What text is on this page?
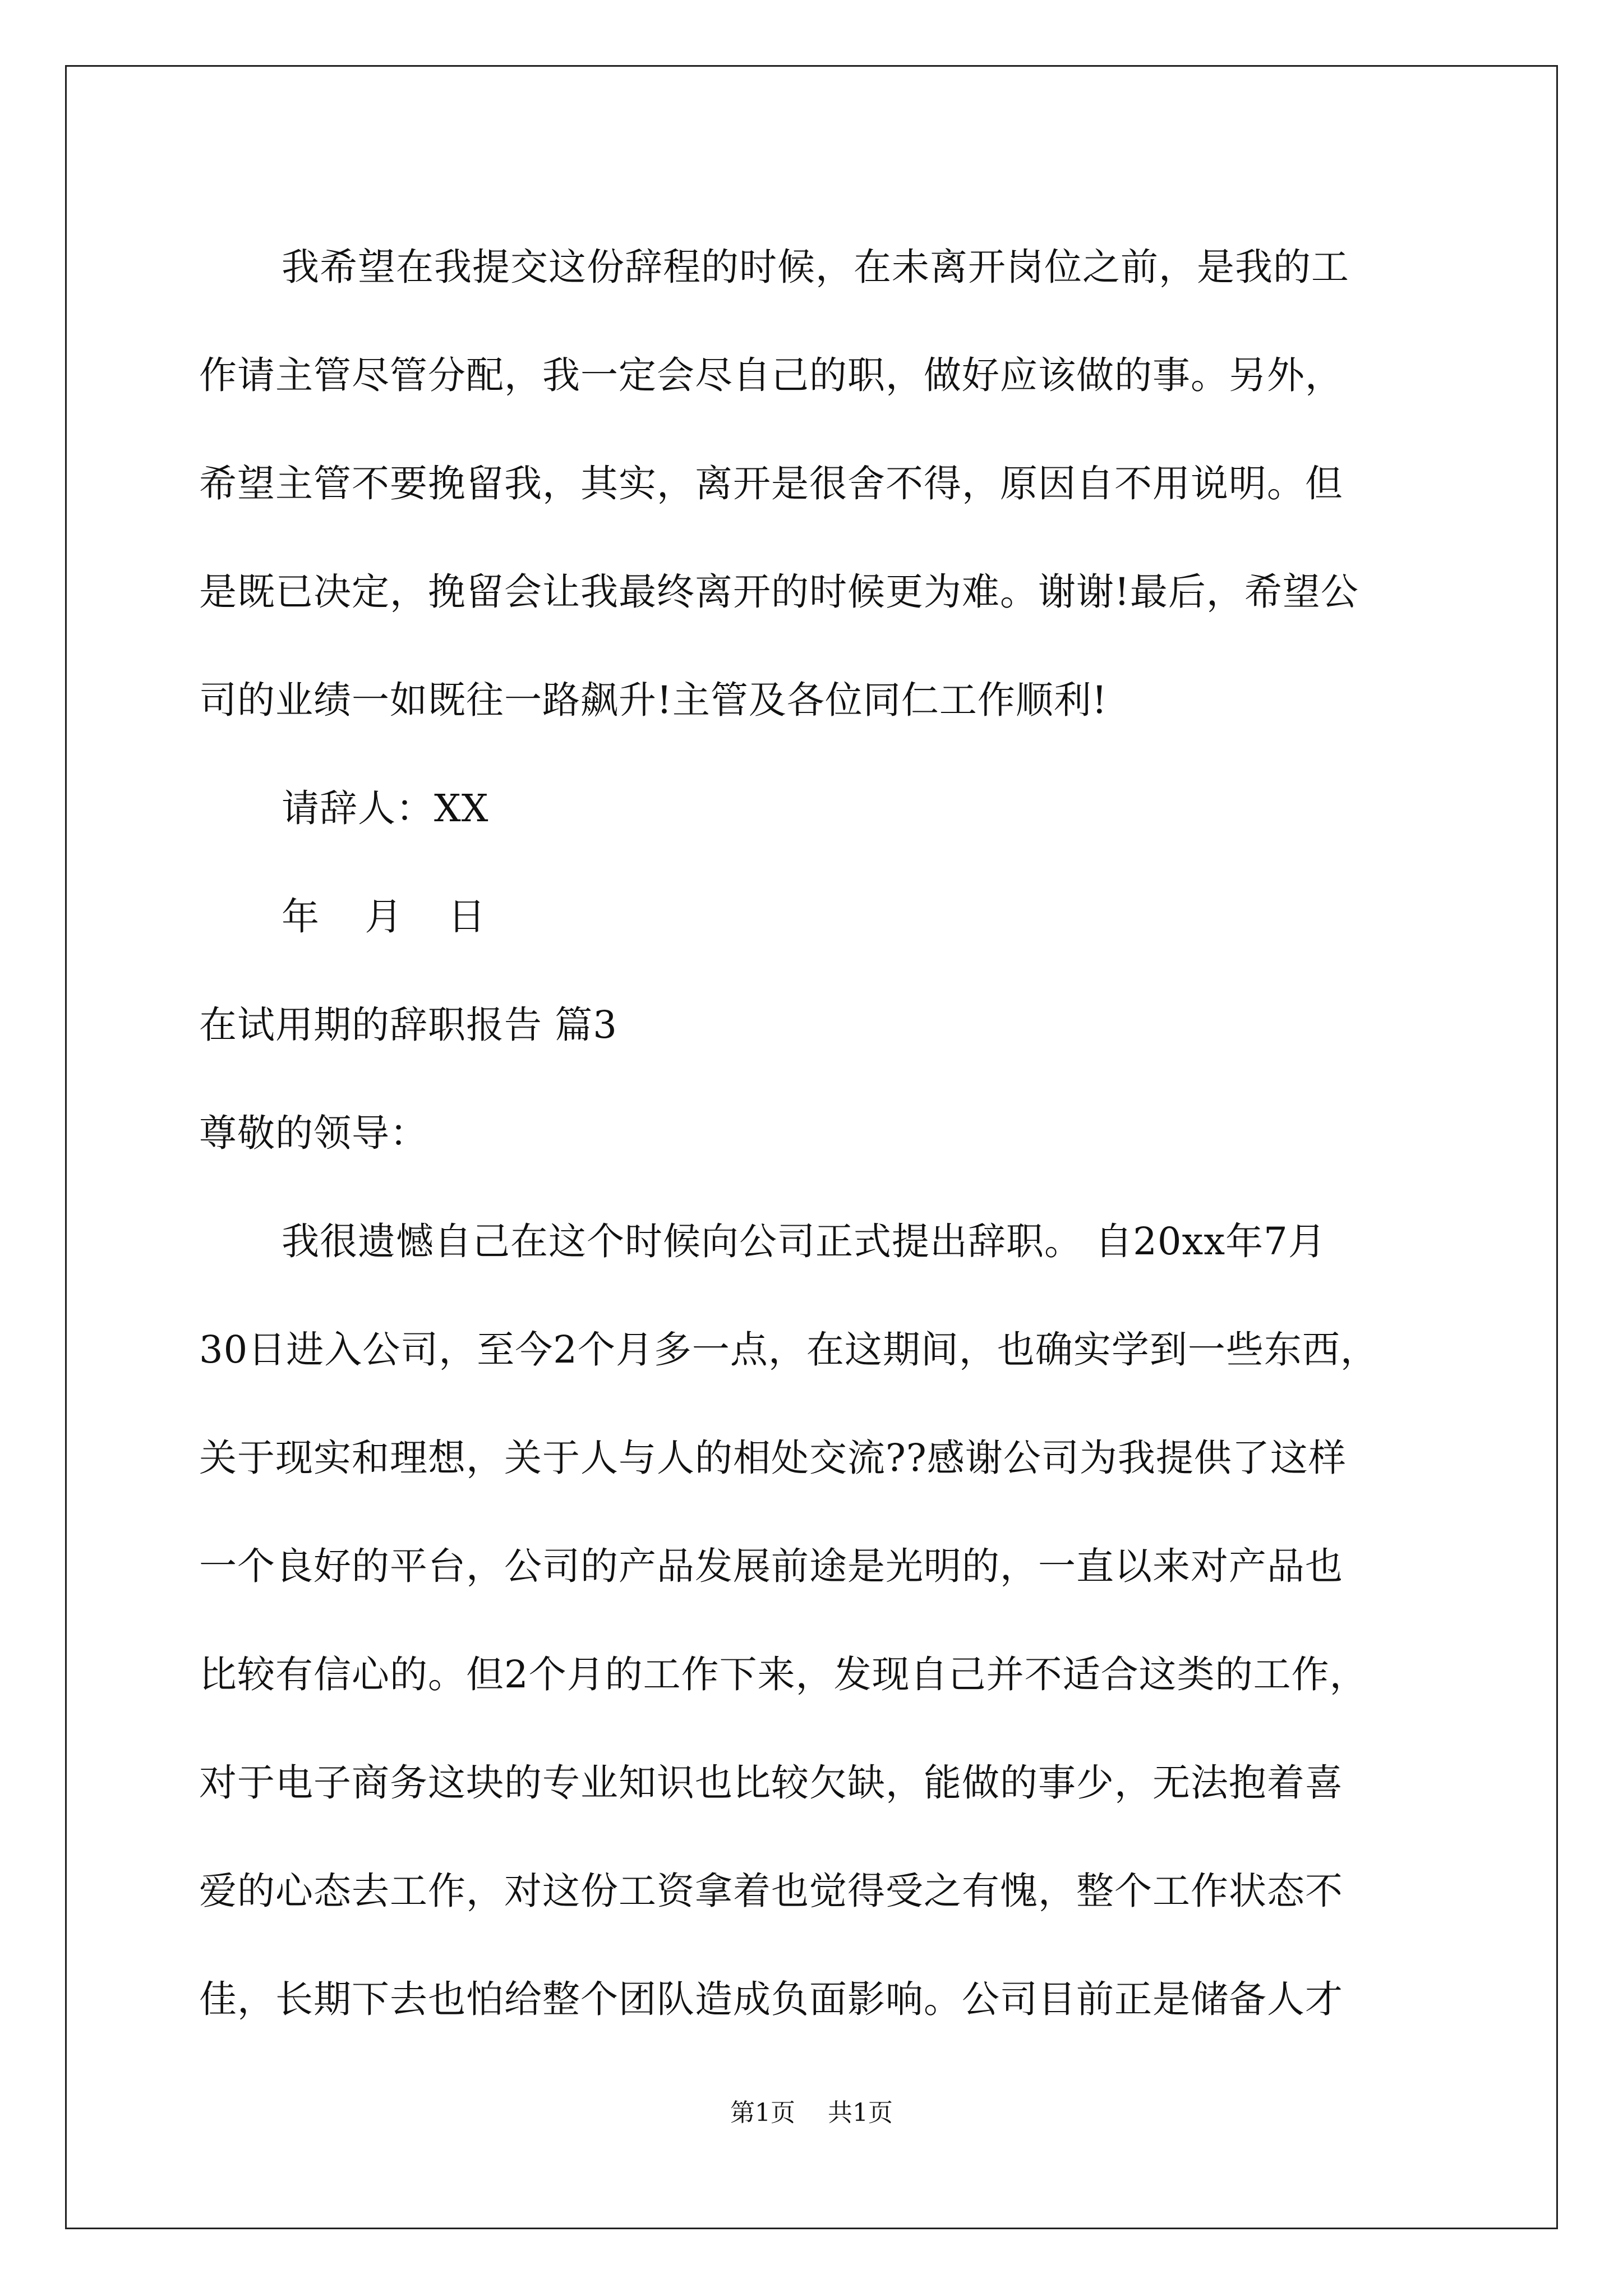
我希望在我提交这份辞程的时候，在未离开岗位之前，是我的工
作请主管尽管分配，我一定会尽自己的职，做好应该做的事。另外，
希望主管不要挽留我，其实，离开是很舍不得，原因自不用说明。但
是既已决定，挽留会让我最终离开的时候更为难。谢谢!最后，希望公
司的业绩一如既往一路飙升!主管及各位同仁工作顺利!
请辞人：XX
年 月 日
在试用期的辞职报告 篇3
尊敬的领导：
我很遗憾自己在这个时候向公司正式提出辞职。 自20xx年7月
30日进入公司，至今2个月多一点，在这期间，也确实学到一些东西，
关于现实和理想，关于人与人的相处交流??感谢公司为我提供了这样
一个良好的平台，公司的产品发展前途是光明的，一直以来对产品也
比较有信心的。但2个月的工作下来，发现自己并不适合这类的工作，
对于电子商务这块的专业知识也比较欠缺，能做的事少，无法抱着喜
爱的心态去工作，对这份工资拿着也觉得受之有愧，整个工作状态不
佳，长期下去也怕给整个团队造成负面影响。公司目前正是储备人才
第1页 共1页
